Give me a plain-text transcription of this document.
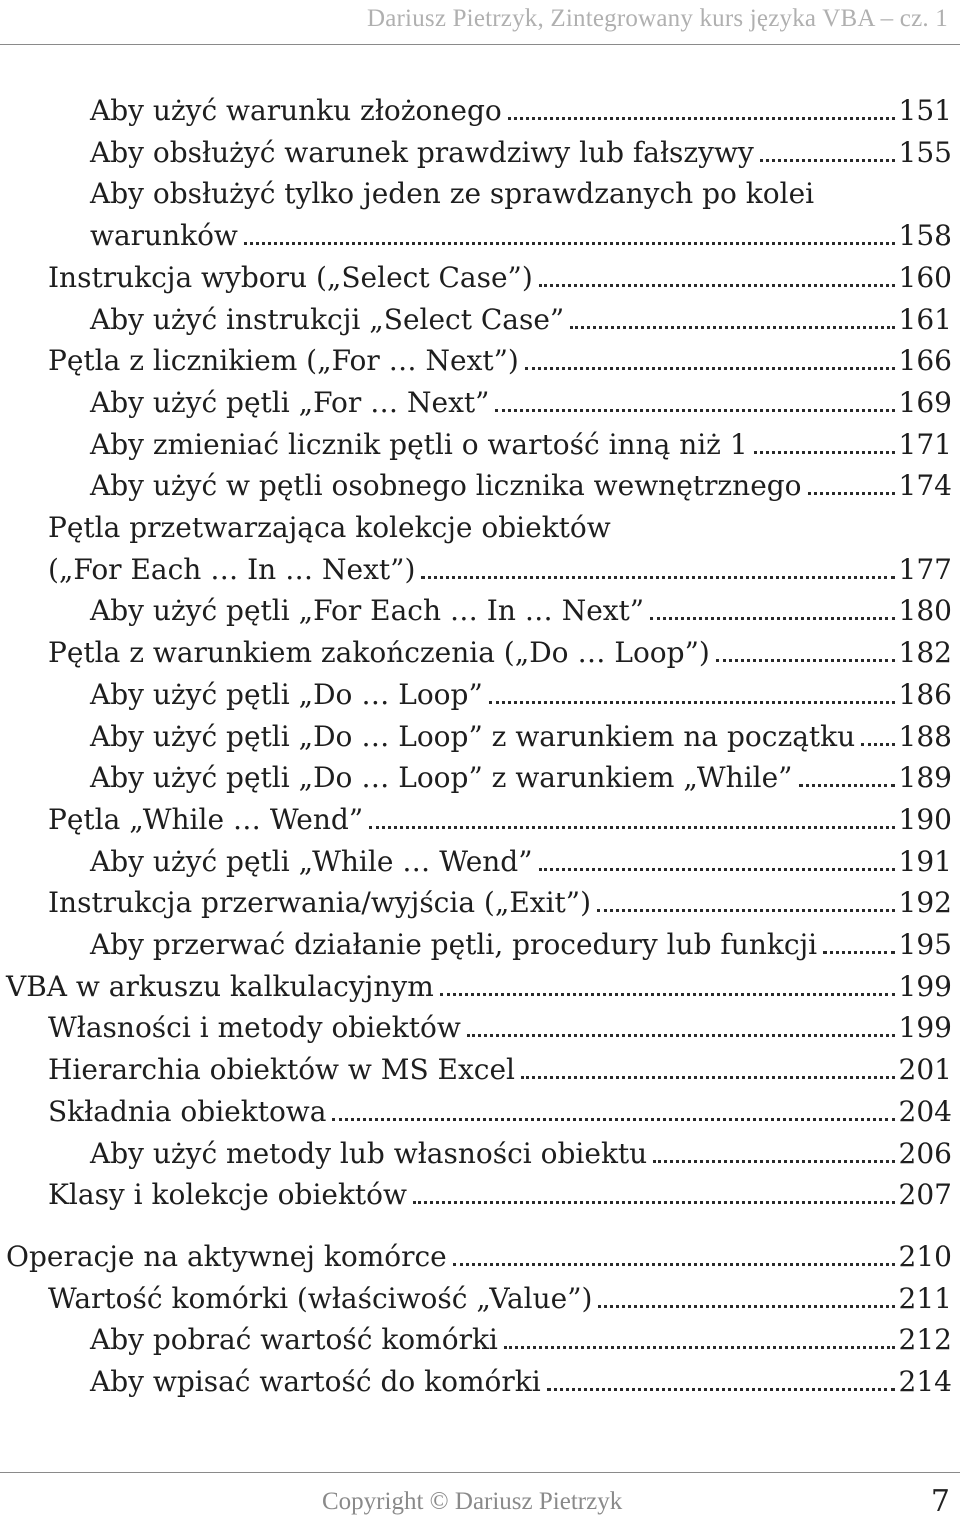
Dariusz Pietrzyk, Zintegrowany kurs języka VBA – cz. 1
Aby użyć warunku złożonego	151
Aby obsłużyć warunek prawdziwy lub fałszywy	155
Aby obsłużyć tylko jeden ze sprawdzanych po kolei
warunków	158
Instrukcja wyboru („Select Case”)	160
Aby użyć instrukcji „Select Case”	161
Pętla z licznikiem („For … Next”)	166
Aby użyć pętli „For … Next”	169
Aby zmieniać licznik pętli o wartość inną niż 1	171
Aby użyć w pętli osobnego licznika wewnętrznego	174
Pętla przetwarzająca kolekcje obiektów
(„For Each … In … Next”)	177
Aby użyć pętli „For Each … In … Next”	180
Pętla z warunkiem zakończenia („Do … Loop”)	182
Aby użyć pętli „Do … Loop”	186
Aby użyć pętli „Do … Loop” z warunkiem na początku 188
Aby użyć pętli „Do … Loop” z warunkiem „While”	189
Pętla „While … Wend”	190
Aby użyć pętli „While … Wend”	191
Instrukcja przerwania/wyjścia („Exit”)	192
Aby przerwać działanie pętli, procedury lub funkcji	195
VBA w arkuszu kalkulacyjnym	199
Własności i metody obiektów	199
Hierarchia obiektów w MS Excel	201
Składnia obiektowa	204
Aby użyć metody lub własności obiektu	206
Klasy i kolekcje obiektów	207
Operacje na aktywnej komórce	210
Wartość komórki (właściwość „Value”)	211
Aby pobrać wartość komórki	212
Aby wpisać wartość do komórki	214
Copyright © Dariusz Pietrzyk	7
